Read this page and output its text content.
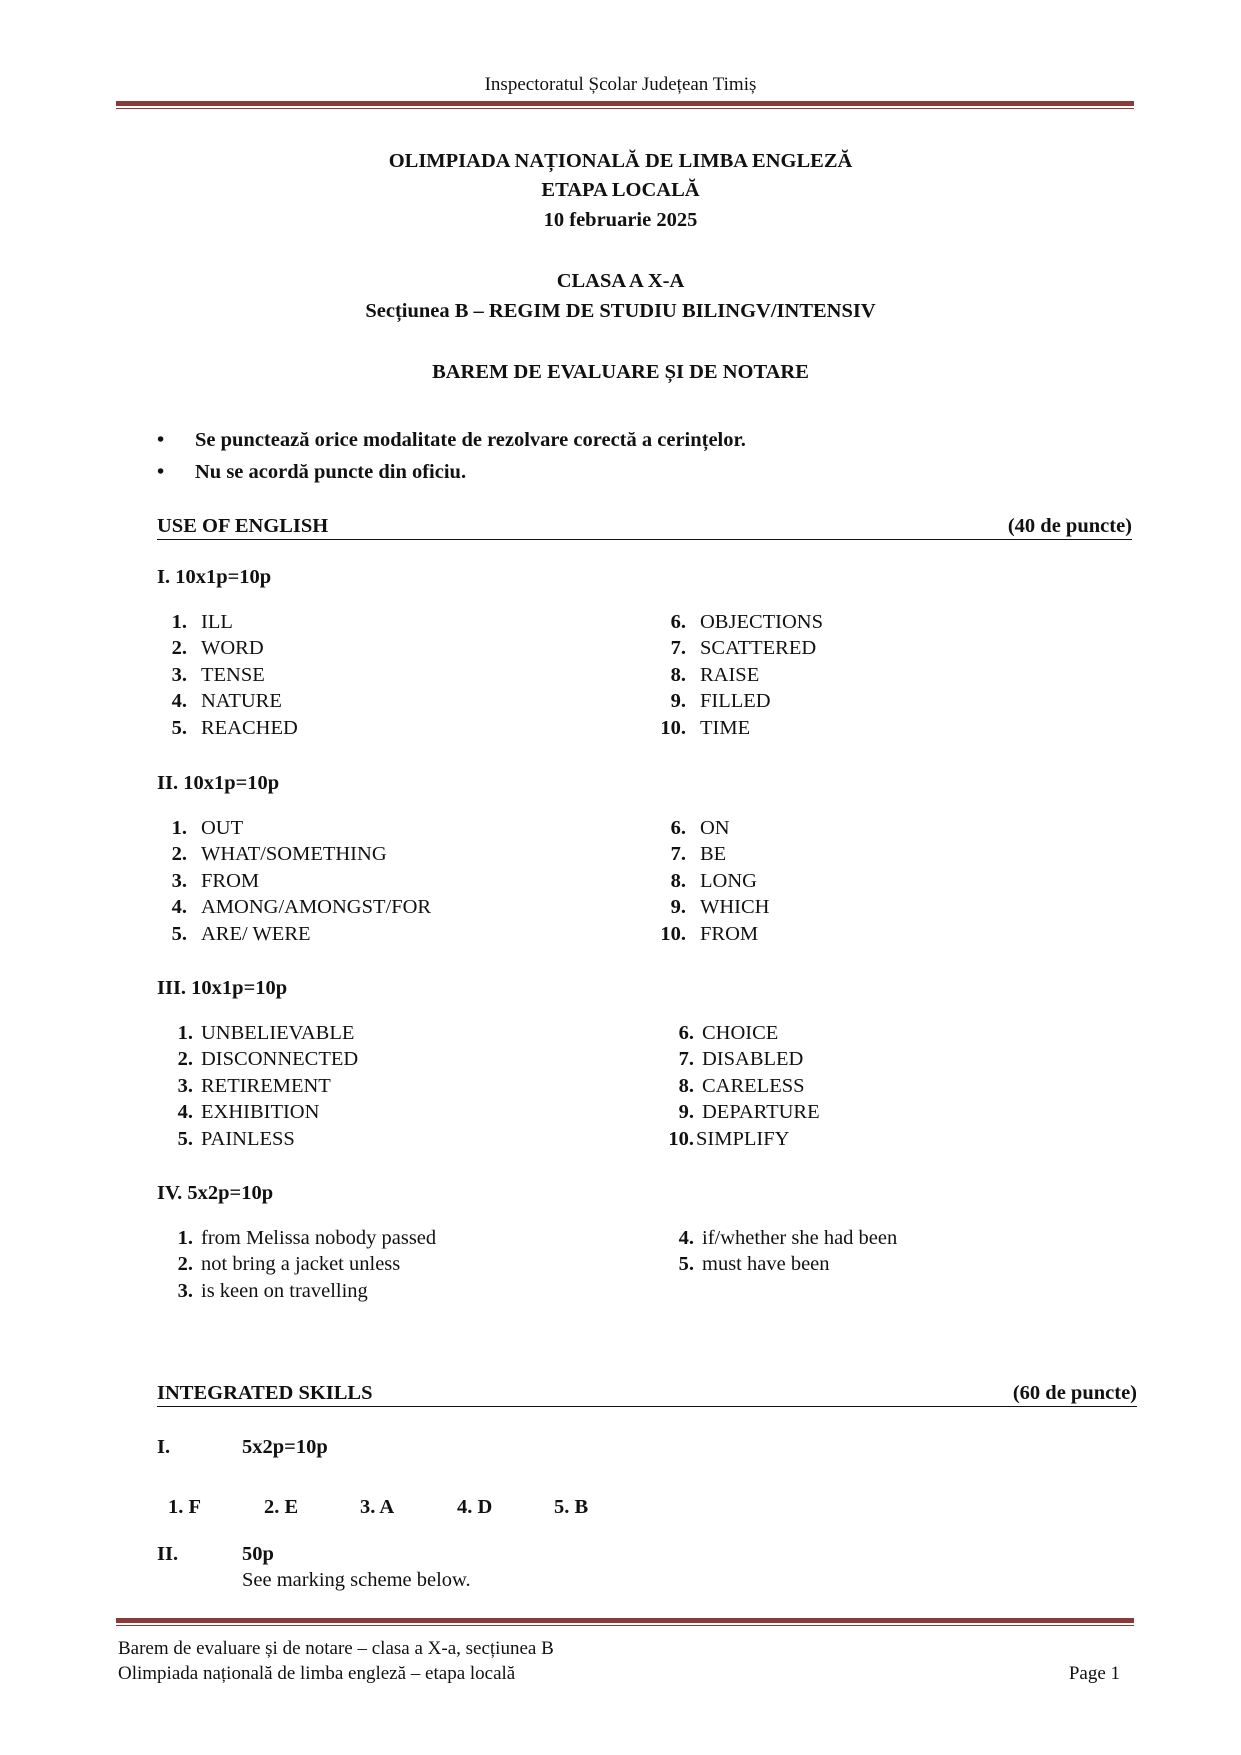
Inspectoratul Școlar Județean Timiș
OLIMPIADA NAȚIONALĂ DE LIMBA ENGLEZĂ
ETAPA LOCALĂ
10 februarie 2025
CLASA A X-A
Secțiunea B – REGIM DE STUDIU BILINGV/INTENSIV
BAREM DE EVALUARE ȘI DE NOTARE
•	Se punctează orice modalitate de rezolvare corectă a cerințelor.
•	Nu se acordă puncte din oficiu.
USE OF ENGLISH	(40 de puncte)
I. 10x1p=10p
1. ILL
2. WORD
3. TENSE
4. NATURE
5. REACHED
6. OBJECTIONS
7. SCATTERED
8. RAISE
9. FILLED
10. TIME
II. 10x1p=10p
1. OUT
2. WHAT/SOMETHING
3. FROM
4. AMONG/AMONGST/FOR
5. ARE/ WERE
6. ON
7. BE
8. LONG
9. WHICH
10. FROM
III. 10x1p=10p
1. UNBELIEVABLE
2. DISCONNECTED
3. RETIREMENT
4. EXHIBITION
5. PAINLESS
6. CHOICE
7. DISABLED
8. CARELESS
9. DEPARTURE
10. SIMPLIFY
IV. 5x2p=10p
1. from Melissa nobody passed
2. not bring a jacket unless
3. is keen on travelling
4. if/whether she had been
5. must have been
INTEGRATED SKILLS	(60 de puncte)
I.	5x2p=10p
1. F	2. E	3. A	4. D	5. B
II.	50p
See marking scheme below.
Barem de evaluare și de notare – clasa a X-a, secțiunea B
Olimpiada națională de limba engleză – etapa locală	Page 1
